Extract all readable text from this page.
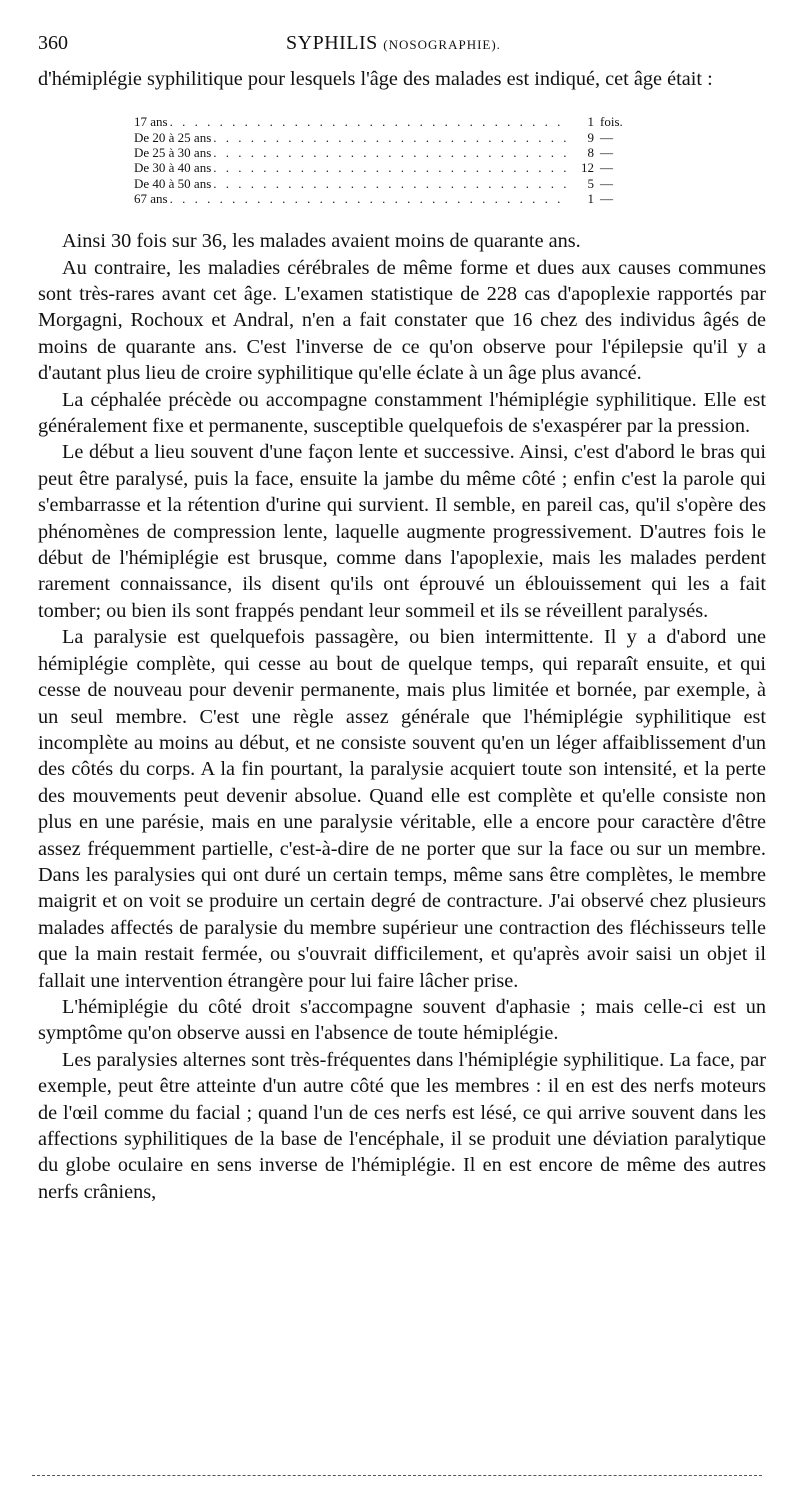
360	SYPHILIS (NOSOGRAPHIE).

d'hémiplégie syphilitique pour lesquels l'âge des malades est indiqué, cet âge était :

17 ans . . .	1 fois.
De 20 à 25 ans . . .	9 —
De 25 à 30 ans . . .	8 —
De 30 à 40 ans . . .	12 —
De 40 à 50 ans . . .	5 —
67 ans . . .	1 —

Ainsi 30 fois sur 36, les malades avaient moins de quarante ans.

Au contraire, les maladies cérébrales de même forme et dues aux causes communes sont très-rares avant cet âge. L'examen statistique de 228 cas d'apoplexie rapportés par Morgagni, Rochoux et Andral, n'en a fait constater que 16 chez des individus âgés de moins de quarante ans. C'est l'inverse de ce qu'on observe pour l'épilepsie qu'il y a d'autant plus lieu de croire syphilitique qu'elle éclate à un âge plus avancé.

La céphalée précède ou accompagne constamment l'hémiplégie syphilitique. Elle est généralement fixe et permanente, susceptible quelquefois de s'exaspérer par la pression.

Le début a lieu souvent d'une façon lente et successive. Ainsi, c'est d'abord le bras qui peut être paralysé, puis la face, ensuite la jambe du même côté ; enfin c'est la parole qui s'embarrasse et la rétention d'urine qui survient. Il semble, en pareil cas, qu'il s'opère des phénomènes de compression lente, laquelle augmente progressivement. D'autres fois le début de l'hémiplégie est brusque, comme dans l'apoplexie, mais les malades perdent rarement connaissance, ils disent qu'ils ont éprouvé un éblouissement qui les a fait tomber; ou bien ils sont frappés pendant leur sommeil et ils se réveillent paralysés.

La paralysie est quelquefois passagère, ou bien intermittente. Il y a d'abord une hémiplégie complète, qui cesse au bout de quelque temps, qui reparaît ensuite, et qui cesse de nouveau pour devenir permanente, mais plus limitée et bornée, par exemple, à un seul membre. C'est une règle assez générale que l'hémiplégie syphilitique est incomplète au moins au début, et ne consiste souvent qu'en un léger affaiblissement d'un des côtés du corps. A la fin pourtant, la paralysie acquiert toute son intensité, et la perte des mouvements peut devenir absolue. Quand elle est complète et qu'elle consiste non plus en une parésie, mais en une paralysie véritable, elle a encore pour caractère d'être assez fréquemment partielle, c'est-à-dire de ne porter que sur la face ou sur un membre. Dans les paralysies qui ont duré un certain temps, même sans être complètes, le membre maigrit et on voit se produire un certain degré de contracture. J'ai observé chez plusieurs malades affectés de paralysie du membre supérieur une contraction des fléchisseurs telle que la main restait fermée, ou s'ouvrait difficilement, et qu'après avoir saisi un objet il fallait une intervention étrangère pour lui faire lâcher prise.

L'hémiplégie du côté droit s'accompagne souvent d'aphasie ; mais celle-ci est un symptôme qu'on observe aussi en l'absence de toute hémiplégie.

Les paralysies alternes sont très-fréquentes dans l'hémiplégie syphilitique. La face, par exemple, peut être atteinte d'un autre côté que les membres : il en est des nerfs moteurs de l'œil comme du facial ; quand l'un de ces nerfs est lésé, ce qui arrive souvent dans les affections syphilitiques de la base de l'encéphale, il se produit une déviation paralytique du globe oculaire en sens inverse de l'hémiplégie. Il en est encore de même des autres nerfs crâniens,
